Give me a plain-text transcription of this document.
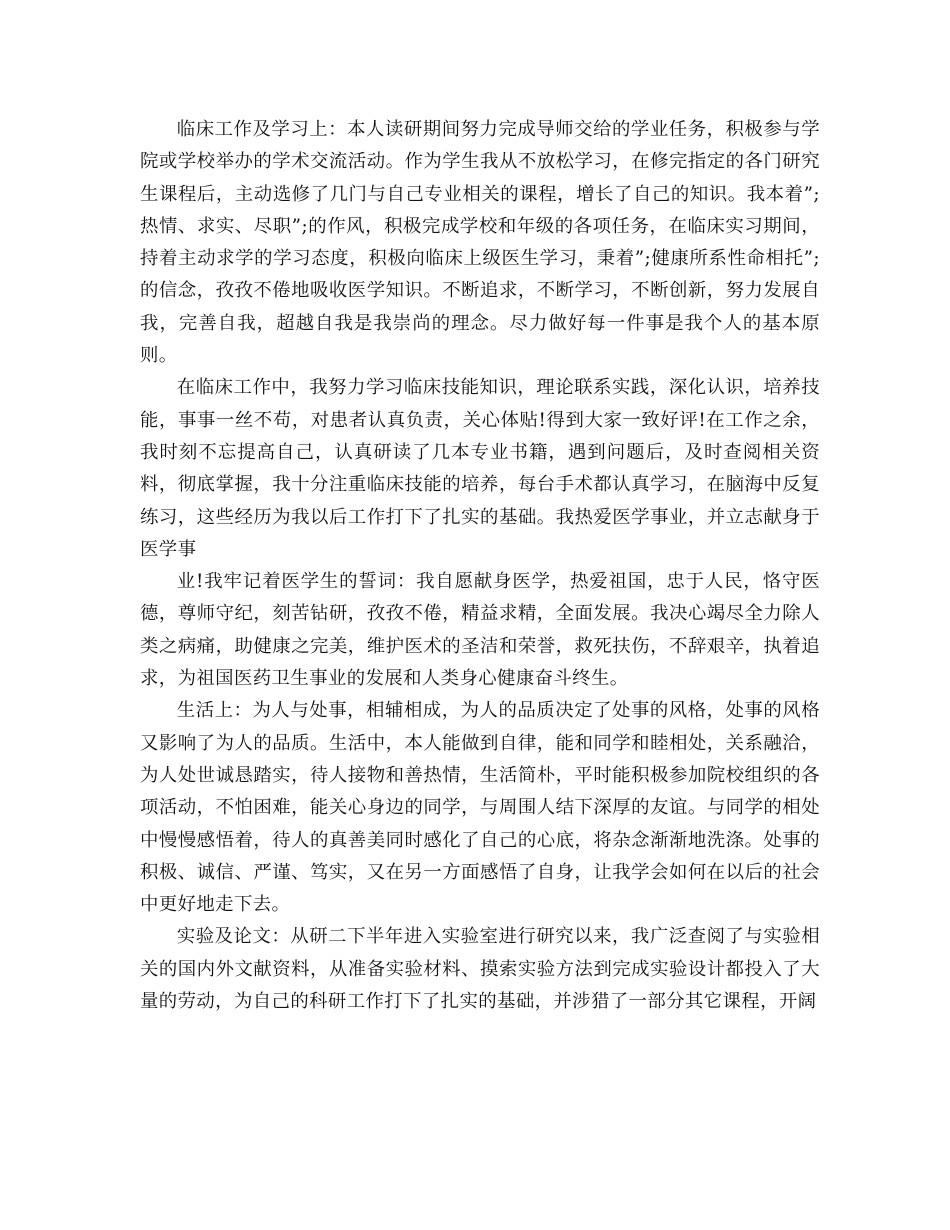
临床工作及学习上：本人读研期间努力完成导师交给的学业任务，积极参与学院或学校举办的学术交流活动。作为学生我从不放松学习，在修完指定的各门研究生课程后，主动选修了几门与自己专业相关的课程，增长了自己的知识。我本着”;热情、求实、尽职”;的作风，积极完成学校和年级的各项任务，在临床实习期间，持着主动求学的学习态度，积极向临床上级医生学习，秉着”;健康所系性命相托”;的信念，孜孜不倦地吸收医学知识。不断追求，不断学习，不断创新，努力发展自我，完善自我，超越自我是我崇尚的理念。尽力做好每一件事是我个人的基本原则。

在临床工作中，我努力学习临床技能知识，理论联系实践，深化认识，培养技能，事事一丝不苟，对患者认真负责，关心体贴!得到大家一致好评!在工作之余，我时刻不忘提高自己，认真研读了几本专业书籍，遇到问题后，及时查阅相关资料，彻底掌握，我十分注重临床技能的培养，每台手术都认真学习，在脑海中反复练习，这些经历为我以后工作打下了扎实的基础。我热爱医学事业，并立志献身于医学事

业!我牢记着医学生的誓词：我自愿献身医学，热爱祖国，忠于人民，恪守医德，尊师守纪，刻苦钻研，孜孜不倦，精益求精，全面发展。我决心竭尽全力除人类之病痛，助健康之完美，维护医术的圣洁和荣誉，救死扶伤，不辞艰辛，执着追求，为祖国医药卫生事业的发展和人类身心健康奋斗终生。

生活上：为人与处事，相辅相成，为人的品质决定了处事的风格，处事的风格又影响了为人的品质。生活中，本人能做到自律，能和同学和睦相处，关系融洽，为人处世诚恳踏实，待人接物和善热情，生活简朴，平时能积极参加院校组织的各项活动，不怕困难，能关心身边的同学，与周围人结下深厚的友谊。与同学的相处中慢慢感悟着，待人的真善美同时感化了自己的心底，将杂念渐渐地洗涤。处事的积极、诚信、严谨、笃实，又在另一方面感悟了自身，让我学会如何在以后的社会中更好地走下去。

实验及论文：从研二下半年进入实验室进行研究以来，我广泛查阅了与实验相关的国内外文献资料，从准备实验材料、摸索实验方法到完成实验设计都投入了大量的劳动，为自己的科研工作打下了扎实的基础，并涉猎了一部分其它课程，开阔
